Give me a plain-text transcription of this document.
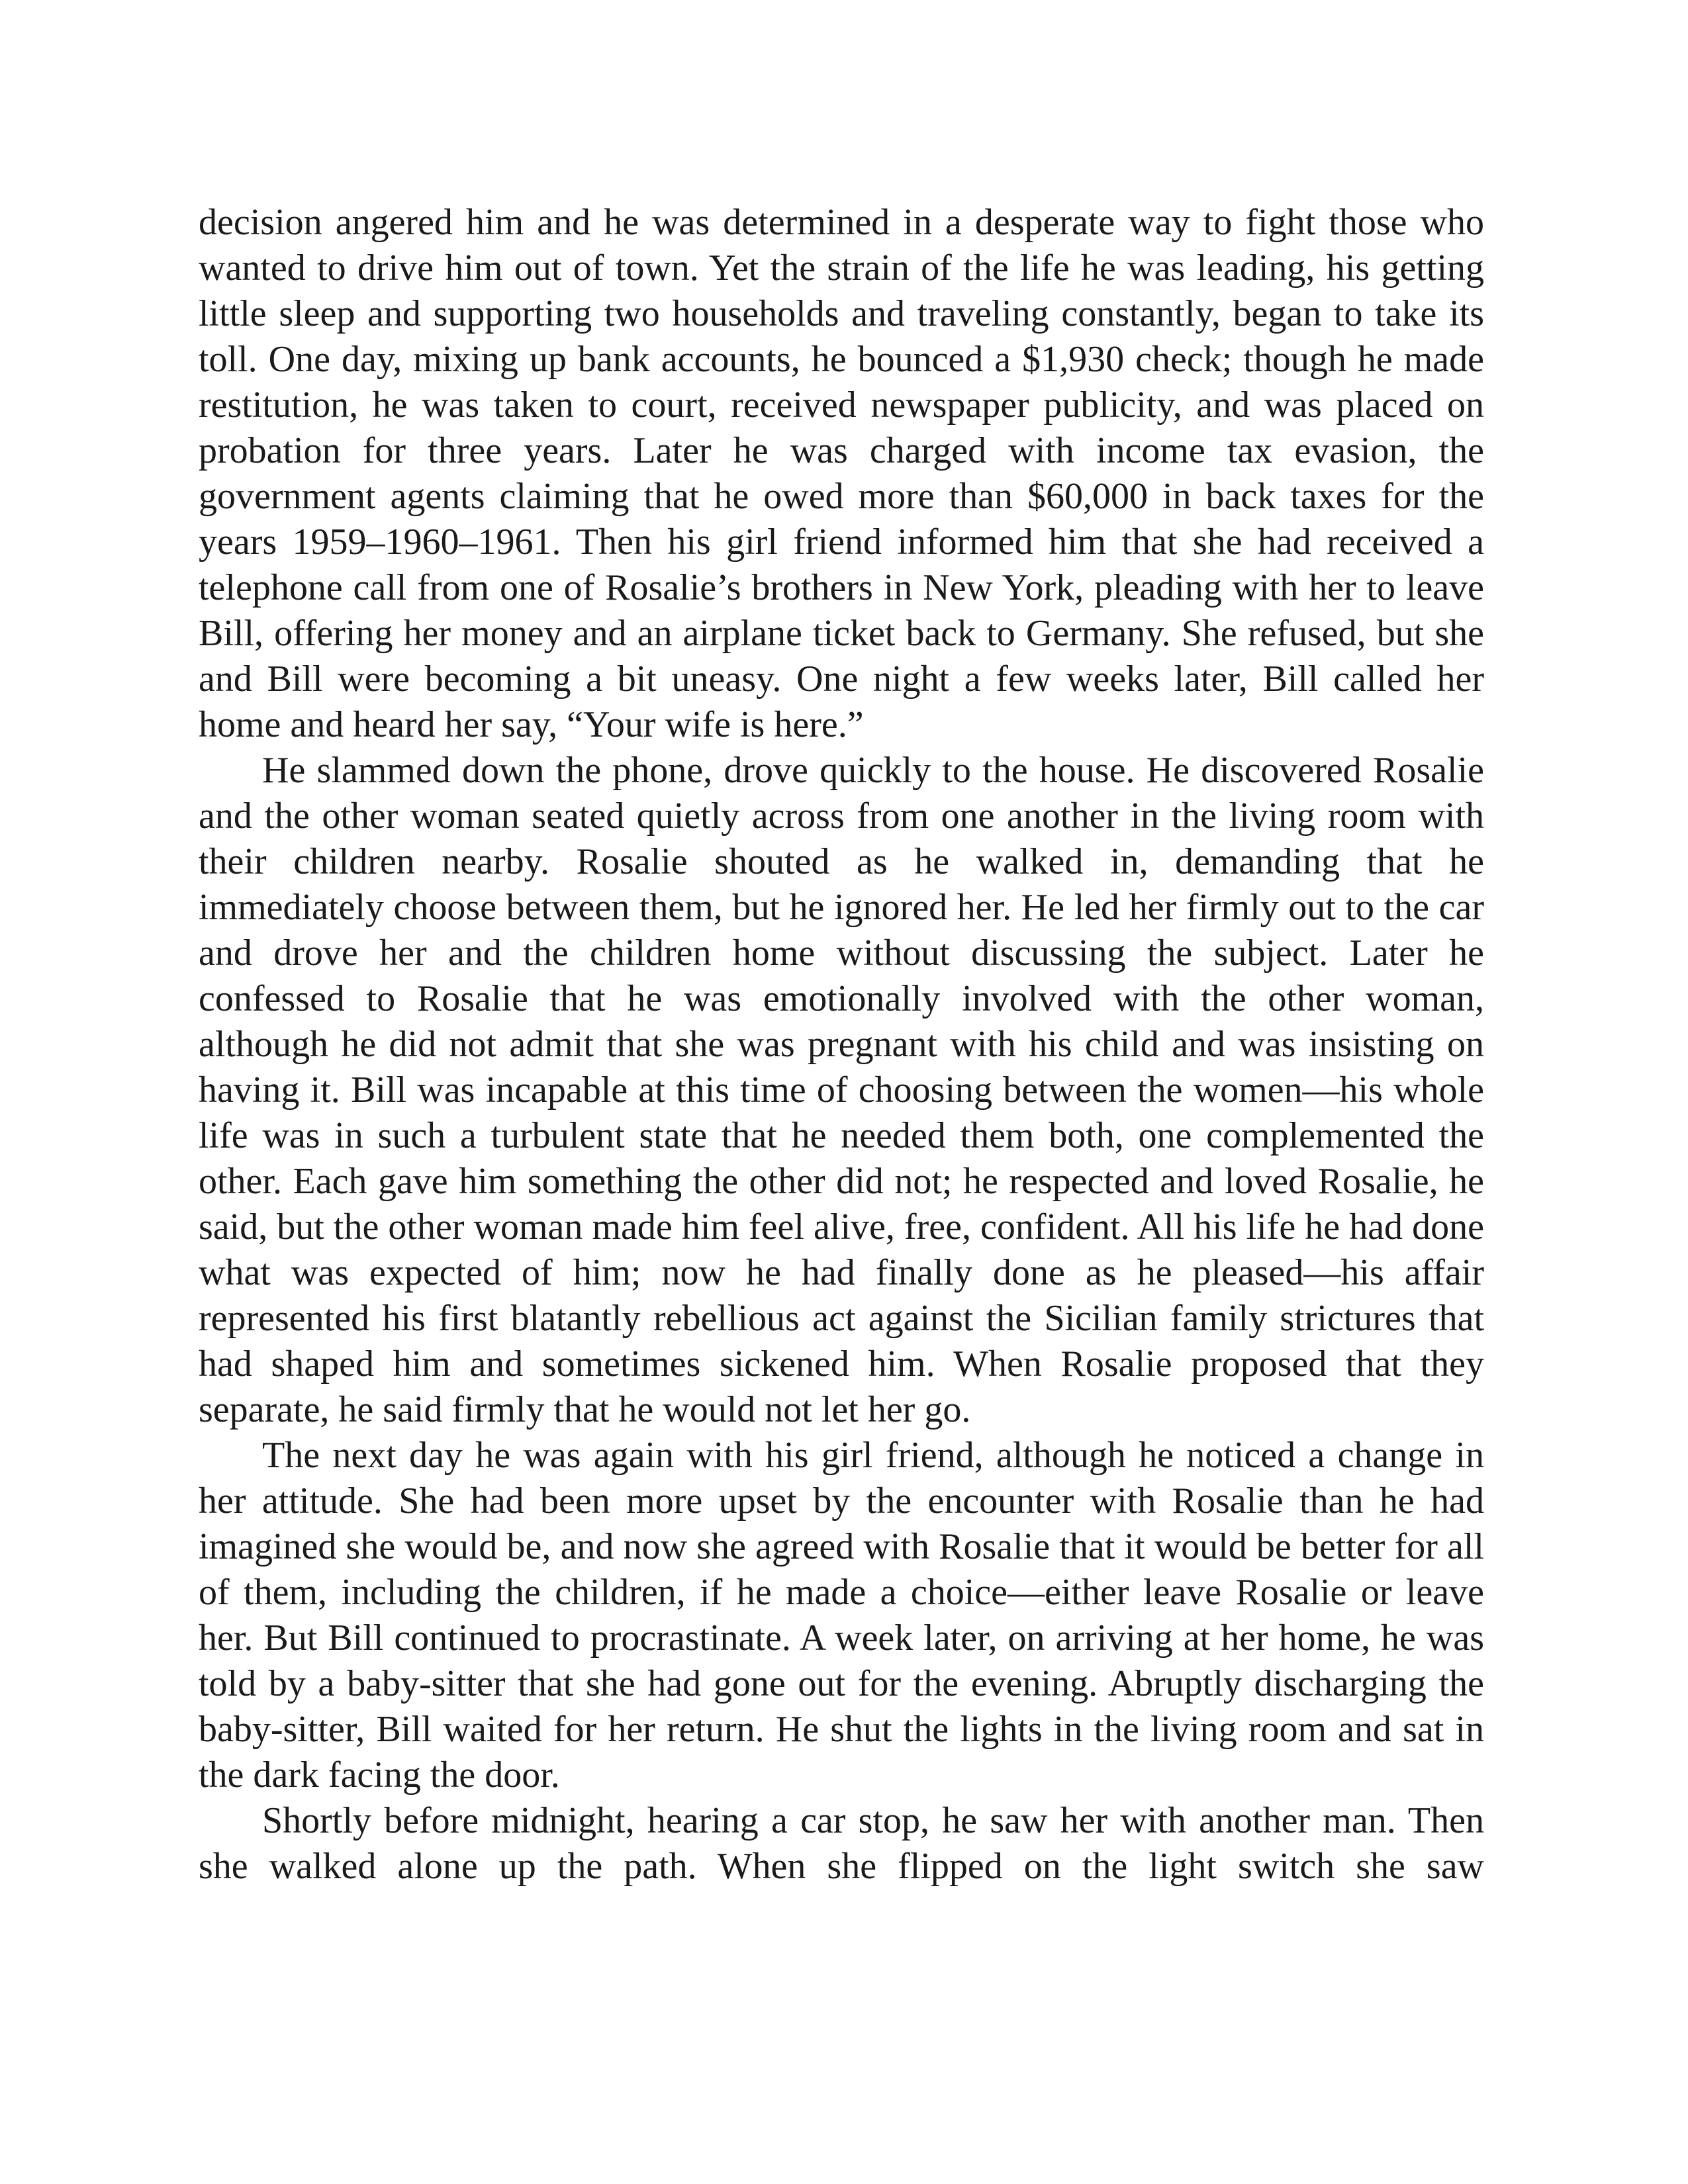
decision angered him and he was determined in a desperate way to fight those who wanted to drive him out of town. Yet the strain of the life he was leading, his getting little sleep and supporting two households and traveling constantly, began to take its toll. One day, mixing up bank accounts, he bounced a $1,930 check; though he made restitution, he was taken to court, received newspaper publicity, and was placed on probation for three years. Later he was charged with income tax evasion, the government agents claiming that he owed more than $60,000 in back taxes for the years 1959–1960–1961. Then his girl friend informed him that she had received a telephone call from one of Rosalie’s brothers in New York, pleading with her to leave Bill, offering her money and an airplane ticket back to Germany. She refused, but she and Bill were becoming a bit uneasy. One night a few weeks later, Bill called her home and heard her say, “Your wife is here.”

He slammed down the phone, drove quickly to the house. He discovered Rosalie and the other woman seated quietly across from one another in the living room with their children nearby. Rosalie shouted as he walked in, demanding that he immediately choose between them, but he ignored her. He led her firmly out to the car and drove her and the children home without discussing the subject. Later he confessed to Rosalie that he was emotionally involved with the other woman, although he did not admit that she was pregnant with his child and was insisting on having it. Bill was incapable at this time of choosing between the women—his whole life was in such a turbulent state that he needed them both, one complemented the other. Each gave him something the other did not; he respected and loved Rosalie, he said, but the other woman made him feel alive, free, confident. All his life he had done what was expected of him; now he had finally done as he pleased—his affair represented his first blatantly rebellious act against the Sicilian family strictures that had shaped him and sometimes sickened him. When Rosalie proposed that they separate, he said firmly that he would not let her go.

The next day he was again with his girl friend, although he noticed a change in her attitude. She had been more upset by the encounter with Rosalie than he had imagined she would be, and now she agreed with Rosalie that it would be better for all of them, including the children, if he made a choice—either leave Rosalie or leave her. But Bill continued to procrastinate. A week later, on arriving at her home, he was told by a baby-sitter that she had gone out for the evening. Abruptly discharging the baby-sitter, Bill waited for her return. He shut the lights in the living room and sat in the dark facing the door.

Shortly before midnight, hearing a car stop, he saw her with another man. Then she walked alone up the path. When she flipped on the light switch she saw
